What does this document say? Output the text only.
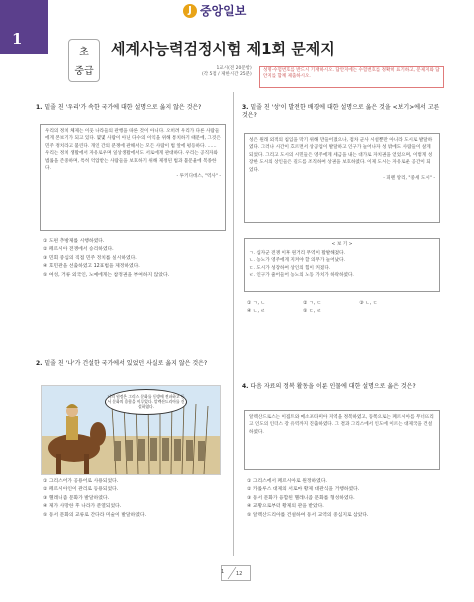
1
J 중앙일보
초
중급
세계사능력검정시험 제1회 문제지
1교시(전 20문항)
(각 5점 / 제한시간 25분)
성명·수험번호를 반드시 기재하시오. 답안지에는 수험번호를 정확히 표기하고, 문제지와 답안지를 함께 제출하시오.
1. 밑줄 친 '우리'가 속한 국가에 대한 설명으로 옳지 않은 것은?
우리의 정치 체제는 이웃 나라들의 관행을 따른 것이 아니다. 오히려 우리가 다른 사람들에게 본보기가 되고 있다. 몇몇 사람이 아닌 다수의 이익을 위해 통치하기 때문에, 그것은 민주 정치라고 불린다. 개인 간의 분쟁에 관해서는 모든 사람이 법 앞에 평등하다. …… 우리는 정치 생활에서 자유로우며 일상생활에서도 서로에게 관대하다. 우리는 공직자와 법률을 존중하며, 특히 억압받는 사람들을 보호하기 위해 제정된 법과 불문율에 복종한다.
- 투키디데스, "역사" -
① 도편 추방제를 시행하였다.
② 페르시아 전쟁에서 승리하였다.
③ 민회 중심의 직접 민주 정치를 실시하였다.
④ 호민관을 선출하였고 12표법을 제정하였다.
⑤ 여성, 거류 외국인, 노예에게는 참정권을 부여하지 않았다.
2. 밑줄 친 '나'가 건설한 국가에서 있었던 사실로 옳지 않은 것은?
나의 원정은 그리스 문화를 동방에 전파하고 동서 문화의 융합을 이루었다. 알렉산드리아를 건설하였다.
① 그리스어가 공용어로 사용되었다.
② 페르시아인이 관리로 등용되었다.
③ 헬레니즘 문화가 발달하였다.
④ 제가 사망한 후 나라가 분열되었다.
⑤ 동서 문화의 교류로 간다라 미술이 발달하였다.
3. 밑줄 친 '성'이 발전한 배경에 대한 설명으로 옳은 것을 <보기>에서 고른 것은?
성은 원래 외적의 침입을 막기 위해 만들어졌으나, 점차 군사 시설뿐만 아니라 도시로 발달하였다. 그러나 시간이 흐르면서 상공업이 발달하고 인구가 늘어나자 성 밖에도 사람들이 살게 되었다. 그리고 도시의 시민들은 영주에게 세금을 내는 대가로 자치권을 얻었으며, 이렇게 성장한 도시의 상인들은 길드를 조직하여 상권을 보호하였다. 이제 도시는 자유로운 공간이 되었다.
- 피렌 앙리, "중세 도시" -
< 보 기 >
ㄱ. 십자군 전쟁 이후 원거리 무역이 활발해졌다.
ㄴ. 농노가 영주에게 지켜야 할 의무가 늘어났다.
ㄷ. 도시가 성장하여 상인의 힘이 커졌다.
ㄹ. 인구가 줄어들어 농노의 노동 가치가 하락하였다.
① ㄱ, ㄴ	② ㄱ, ㄷ	③ ㄴ, ㄷ
④ ㄴ, ㄹ	⑤ ㄷ, ㄹ
4. 다음 자료의 정복 활동을 이룬 인물에 대한 설명으로 옳은 것은?
알렉산드로스는 이집트와 메소포타미아 지역을 정복하였고, 동쪽으로는 페르시아를 무너뜨리고 인도의 인더스 강 유역까지 진출하였다. 그 결과 그리스에서 인도에 이르는 대제국을 건설하였다.
① 그리스에서 페르시아로 원정하였다.
② 카롤루스 대제의 서로마 황제 대관식을 거행하였다.
③ 동서 문화가 융합된 헬레니즘 문화를 형성하였다.
④ 교황으로부터 황제의 관을 받았다.
⑤ 알렉산드리아를 건설하여 동서 교역의 중심지로 삼았다.
1 12
